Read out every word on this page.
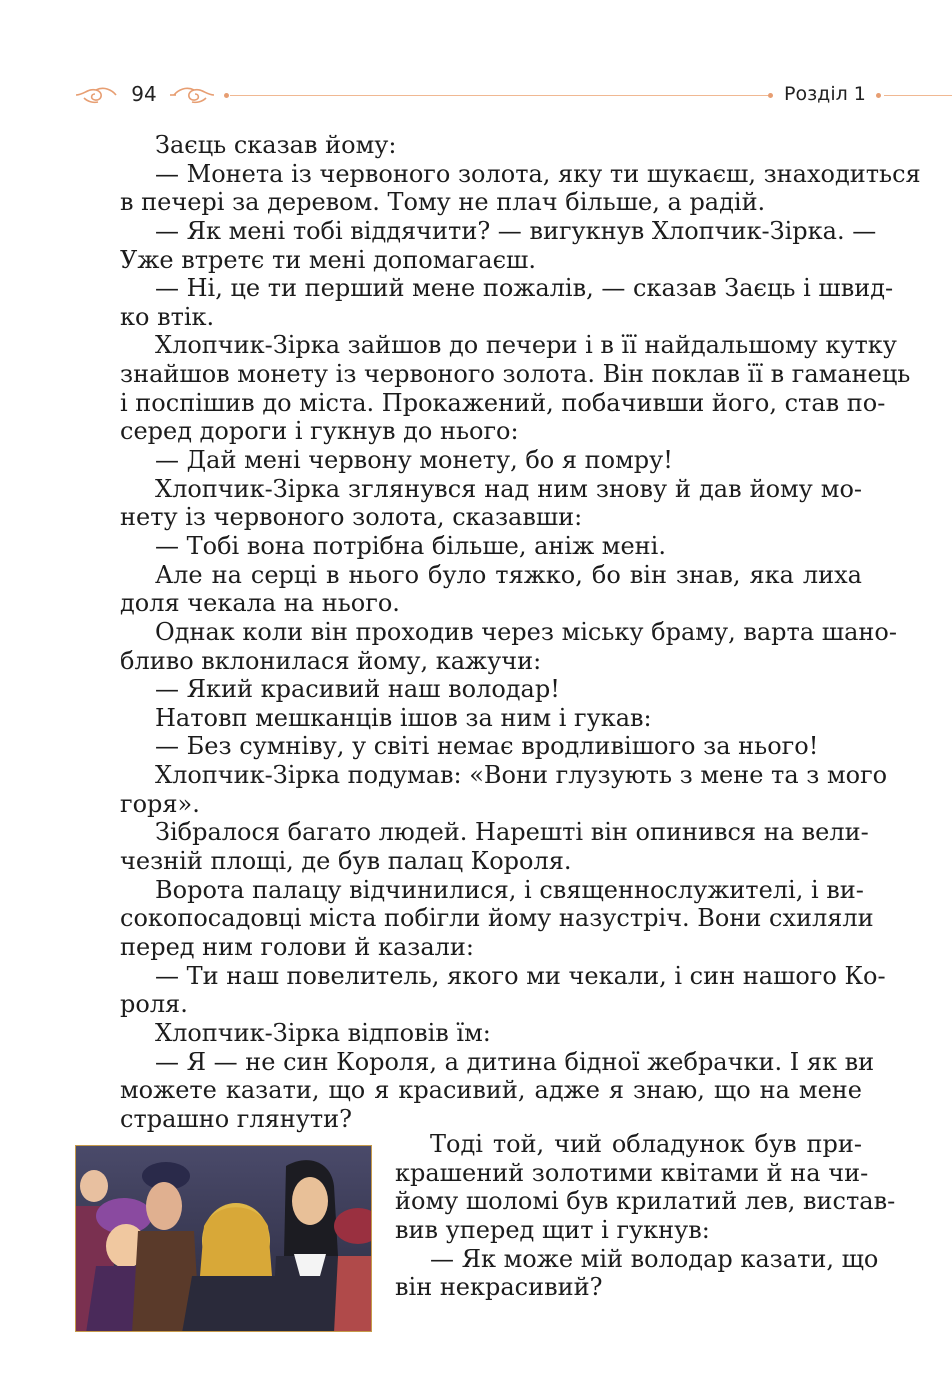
94	Розділ 1
Заєць сказав йому:
— Монета із червоного золота, яку ти шукаєш, знаходиться
в печері за деревом. Тому не плач більше, а радій.
— Як мені тобі віддячити? — вигукнув Хлопчик-Зірка. —
Уже втретє ти мені допомагаєш.
— Ні, це ти перший мене пожалів, — сказав Заєць і швид-
ко втік.
Хлопчик-Зірка зайшов до печери і в її найдальшому кутку
знайшов монету із червоного золота. Він поклав її в гаманець
і поспішив до міста. Прокажений, побачивши його, став по-
серед дороги і гукнув до нього:
— Дай мені червону монету, бо я помру!
Хлопчик-Зірка зглянувся над ним знову й дав йому мо-
нету із червоного золота, сказавши:
— Тобі вона потрібна більше, аніж мені.
Але на серці в нього було тяжко, бо він знав, яка лиха
доля чекала на нього.
Однак коли він проходив через міську браму, варта шано-
бливо вклонилася йому, кажучи:
— Який красивий наш володар!
Натовп мешканців ішов за ним і гукав:
— Без сумніву, у світі немає вродливішого за нього!
Хлопчик-Зірка подумав: «Вони глузують з мене та з мого
горя».
Зібралося багато людей. Нарешті він опинився на вели-
чезній площі, де був палац Короля.
Ворота палацу відчинилися, і священнослужителі, і ви-
сокопосадовці міста побігли йому назустріч. Вони схиляли
перед ним голови й казали:
— Ти наш повелитель, якого ми чекали, і син нашого Ко-
роля.
Хлопчик-Зірка відповів їм:
— Я — не син Короля, а дитина бідної жебрачки. І як ви
можете казати, що я красивий, адже я знаю, що на мене
страшно глянути?
Тоді той, чий обладунок був при-
крашений золотими квітами й на чи-
йому шоломі був крилатий лев, вистав-
вив уперед щит і гукнув:
— Як може мій володар казати, що
він некрасивий?
